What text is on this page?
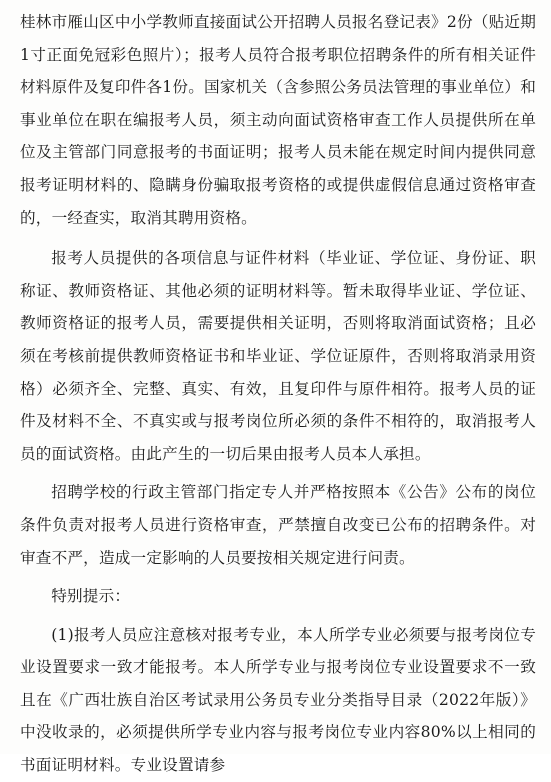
桂林市雁山区中小学教师直接面试公开招聘人员报名登记表》2份（贴近期1寸正面免冠彩色照片）；报考人员符合报考职位招聘条件的所有相关证件材料原件及复印件各1份。国家机关（含参照公务员法管理的事业单位）和事业单位在职在编报考人员，须主动向面试资格审查工作人员提供所在单位及主管部门同意报考的书面证明；报考人员未能在规定时间内提供同意报考证明材料的、隐瞒身份骗取报考资格的或提供虚假信息通过资格审查的，一经查实，取消其聘用资格。

报考人员提供的各项信息与证件材料（毕业证、学位证、身份证、职称证、教师资格证、其他必须的证明材料等。暂未取得毕业证、学位证、教师资格证的报考人员，需要提供相关证明，否则将取消面试资格；且必须在考核前提供教师资格证书和毕业证、学位证原件，否则将取消录用资格）必须齐全、完整、真实、有效，且复印件与原件相符。报考人员的证件及材料不全、不真实或与报考岗位所必须的条件不相符的，取消报考人员的面试资格。由此产生的一切后果由报考人员本人承担。

招聘学校的行政主管部门指定专人并严格按照本《公告》公布的岗位条件负责对报考人员进行资格审查，严禁擅自改变已公布的招聘条件。对审查不严，造成一定影响的人员要按相关规定进行问责。

特别提示：

(1)报考人员应注意核对报考专业，本人所学专业必须要与报考岗位专业设置要求一致才能报考。本人所学专业与报考岗位专业设置要求不一致且在《广西壮族自治区考试录用公务员专业分类指导目录（2022年版）》中没收录的，必须提供所学专业内容与报考岗位专业内容80%以上相同的书面证明材料。专业设置请参
